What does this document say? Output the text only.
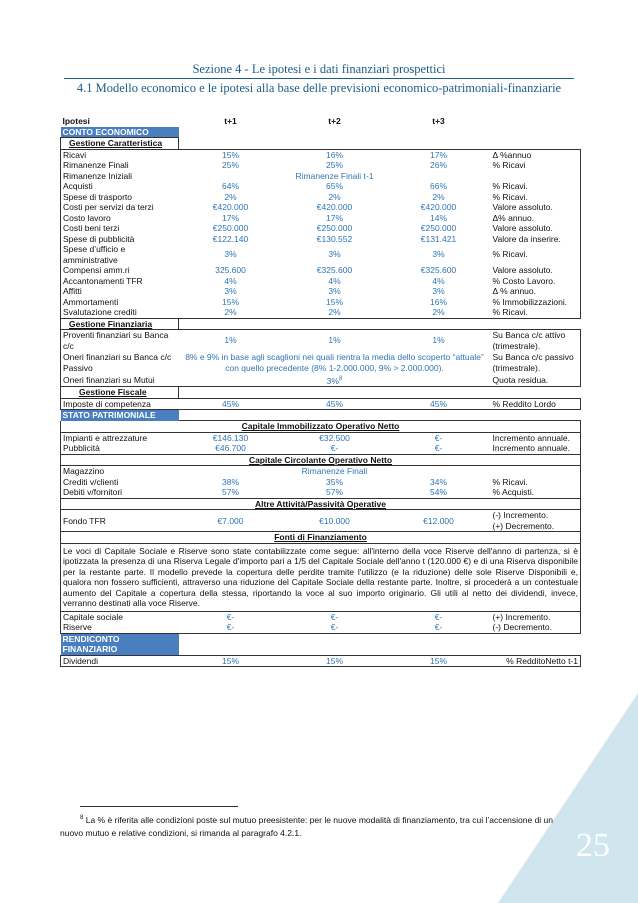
25
Sezione 4 - Le ipotesi e i dati finanziari prospettici
4.1 Modello economico e le ipotesi alla base delle previsioni economico-patrimoniali-finanziarie
Ipotesi	t+1	t+2	t+3	
CONTO ECONOMICO				
Gestione Caratteristica				
Ricavi	15%	16%	17%	Δ %annuo
Rimanenze Finali	25%	25%	26%	% Ricavi
Rimanenze Iniziali	Rimanenze Finali t-1			
Acquisti	64%	65%	66%	% Ricavi.
Spese di trasporto	2%	2%	2%	% Ricavi.
Costi per servizi da terzi	€420.000	€420.000	€420.000	Valore assoluto.
Costo lavoro	17%	17%	14%	Δ% annuo.
Costi beni terzi	€250.000	€250.000	€250.000	Valore assoluto.
Spese di pubblicità	€122.140	€130.552	€131.421	Valore da inserire.
Spese d’ufficio e amministrative	3%	3%	3%	% Ricavi.
Compensi amm.ri	325.600	€325.600	€325.600	Valore assoluto.
Accantonamenti TFR	4%	4%	4%	% Costo Lavoro.
Affitti	3%	3%	3%	Δ % annuo.
Ammortamenti	15%	15%	16%	% Immobilizzazioni.
Svalutazione crediti	2%	2%	2%	% Ricavi.
Gestione Finanziaria				
Proventi finanziari su Banca c/c	1%	1%	1%	Su Banca c/c attivo (trimestrale).
Oneri finanziari su Banca c/c Passivo	8% e 9% in base agli scaglioni nei quali rientra la media dello scoperto “attuale” con quello precedente (8% 1-2.000.000, 9% > 2.000.000).			Su Banca c/c passivo (trimestrale).
Oneri finanziari su Mutui	3%$^8$			Quota residua.
Gestione Fiscale				
Imposte di competenza	45%	45%	45%	% Reddito Lordo
STATO PATRIMONIALE				
Capitale Immobilizzato Operativo Netto				
Impianti e attrezzature	€146.130	€32.500	€-	Incremento annuale.
Pubblicità	€46.700	€-	€-	Incremento annuale.
Capitale Circolante Operativo Netto				
Magazzino	Rimanenze Finali			
Crediti v/clienti	38%	35%	34%	% Ricavi.
Debiti v/fornitori	57%	57%	54%	% Acquisti.
Altre Attività/Passività Operative				
Fondo TFR	€7.000	€10.000	€12.000	(-) Incremento.
(+) Decremento.

Fonti di Finanziamento				
Le voci di Capitale Sociale e Riserve sono state contabilizzate come segue: all'interno della voce Riserve dell'anno di partenza, si è ipotizzata la presenza di una Riserva Legale d'importo pari a 1/5 del Capitale Sociale dell'anno t (120.000 €) e di una Riserva disponibile per la restante parte. Il modello prevede la copertura delle perdite tramite l'utilizzo (e la riduzione) delle sole Riserve Disponibili e, qualora non fossero sufficienti, attraverso una riduzione del Capitale Sociale della restante parte. Inoltre, si procederà a un contestuale aumento del Capitale a copertura della stessa, riportando la voce al suo importo originario. Gli utili al netto dei dividendi, invece, verranno destinati alla voce Riserve.				
Capitale sociale	€-	€-	€-	(+) Incremento.
Riserve	€-	€-	€-	(-) Decremento.
RENDICONTO FINANZIARIO				
Dividendi	15%	15%	15%	% RedditoNetto t-1
$^8$ La % è riferita alle condizioni poste sul mutuo preesistente: per le nuove modalità di finanziamento, tra cui l’accensione di un nuovo mutuo e relative condizioni, si rimanda al paragrafo 4.2.1.
